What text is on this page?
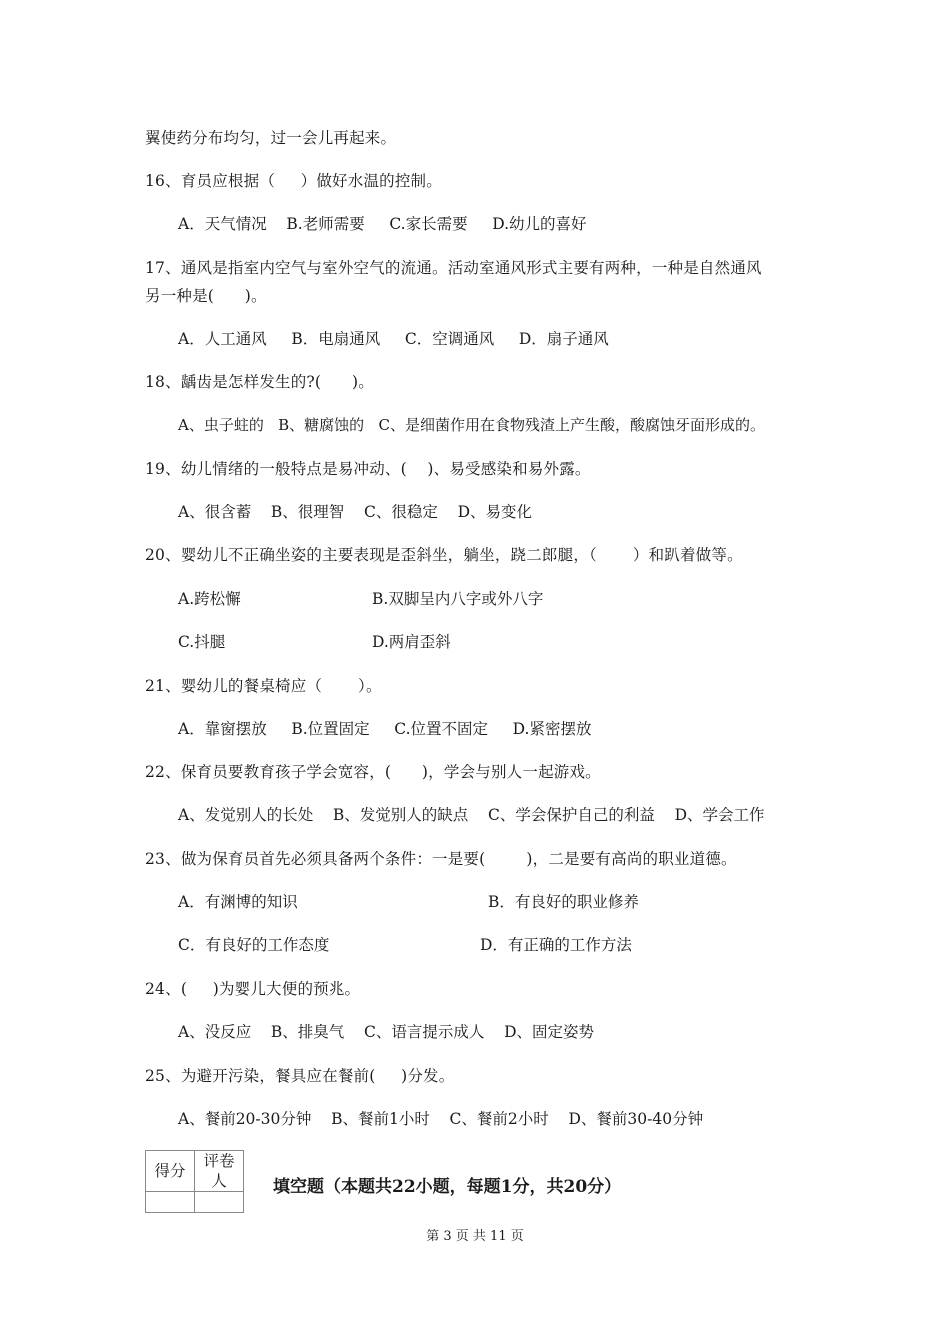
翼使药分布均匀，过一会儿再起来。
16、育员应根据（     ）做好水温的控制。
A．天气情况    B.老师需要     C.家长需要     D.幼儿的喜好
17、通风是指室内空气与室外空气的流通。活动室通风形式主要有两种，一种是自然通风
另一种是(      )。
A．人工通风     B．电扇通风     C．空调通风     D．扇子通风
18、龋齿是怎样发生的?(      )。
A、虫子蛀的   B、糖腐蚀的   C、是细菌作用在食物残渣上产生酸，酸腐蚀牙面形成的。
19、幼儿情绪的一般特点是易冲动、(    )、易受感染和易外露。
A、很含蓄    B、很理智    C、很稳定    D、易变化
20、婴幼儿不正确坐姿的主要表现是歪斜坐，躺坐，跷二郎腿，（       ）和趴着做等。
A.跨松懈	B.双脚呈内八字或外八字
C.抖腿	D.两肩歪斜
21、婴幼儿的餐桌椅应（       ）。
A．靠窗摆放     B.位置固定     C.位置不固定     D.紧密摆放
22、保育员要教育孩子学会宽容，(      )，学会与别人一起游戏。
A、发觉别人的长处    B、发觉别人的缺点    C、学会保护自己的利益    D、学会工作
23、做为保育员首先必须具备两个条件：一是要(        )，二是要有高尚的职业道德。
A．有渊博的知识	B．有良好的职业修养
C．有良好的工作态度	D．有正确的工作方法
24、(     )为婴儿大便的预兆。
A、没反应    B、排臭气    C、语言提示成人    D、固定姿势
25、为避开污染，餐具应在餐前(     )分发。
A、餐前20-30分钟    B、餐前1小时    C、餐前2小时    D、餐前30-40分钟
得分	评卷人
		填空题（本题共22小题，每题1分，共20分）
第 3 页 共 11 页
